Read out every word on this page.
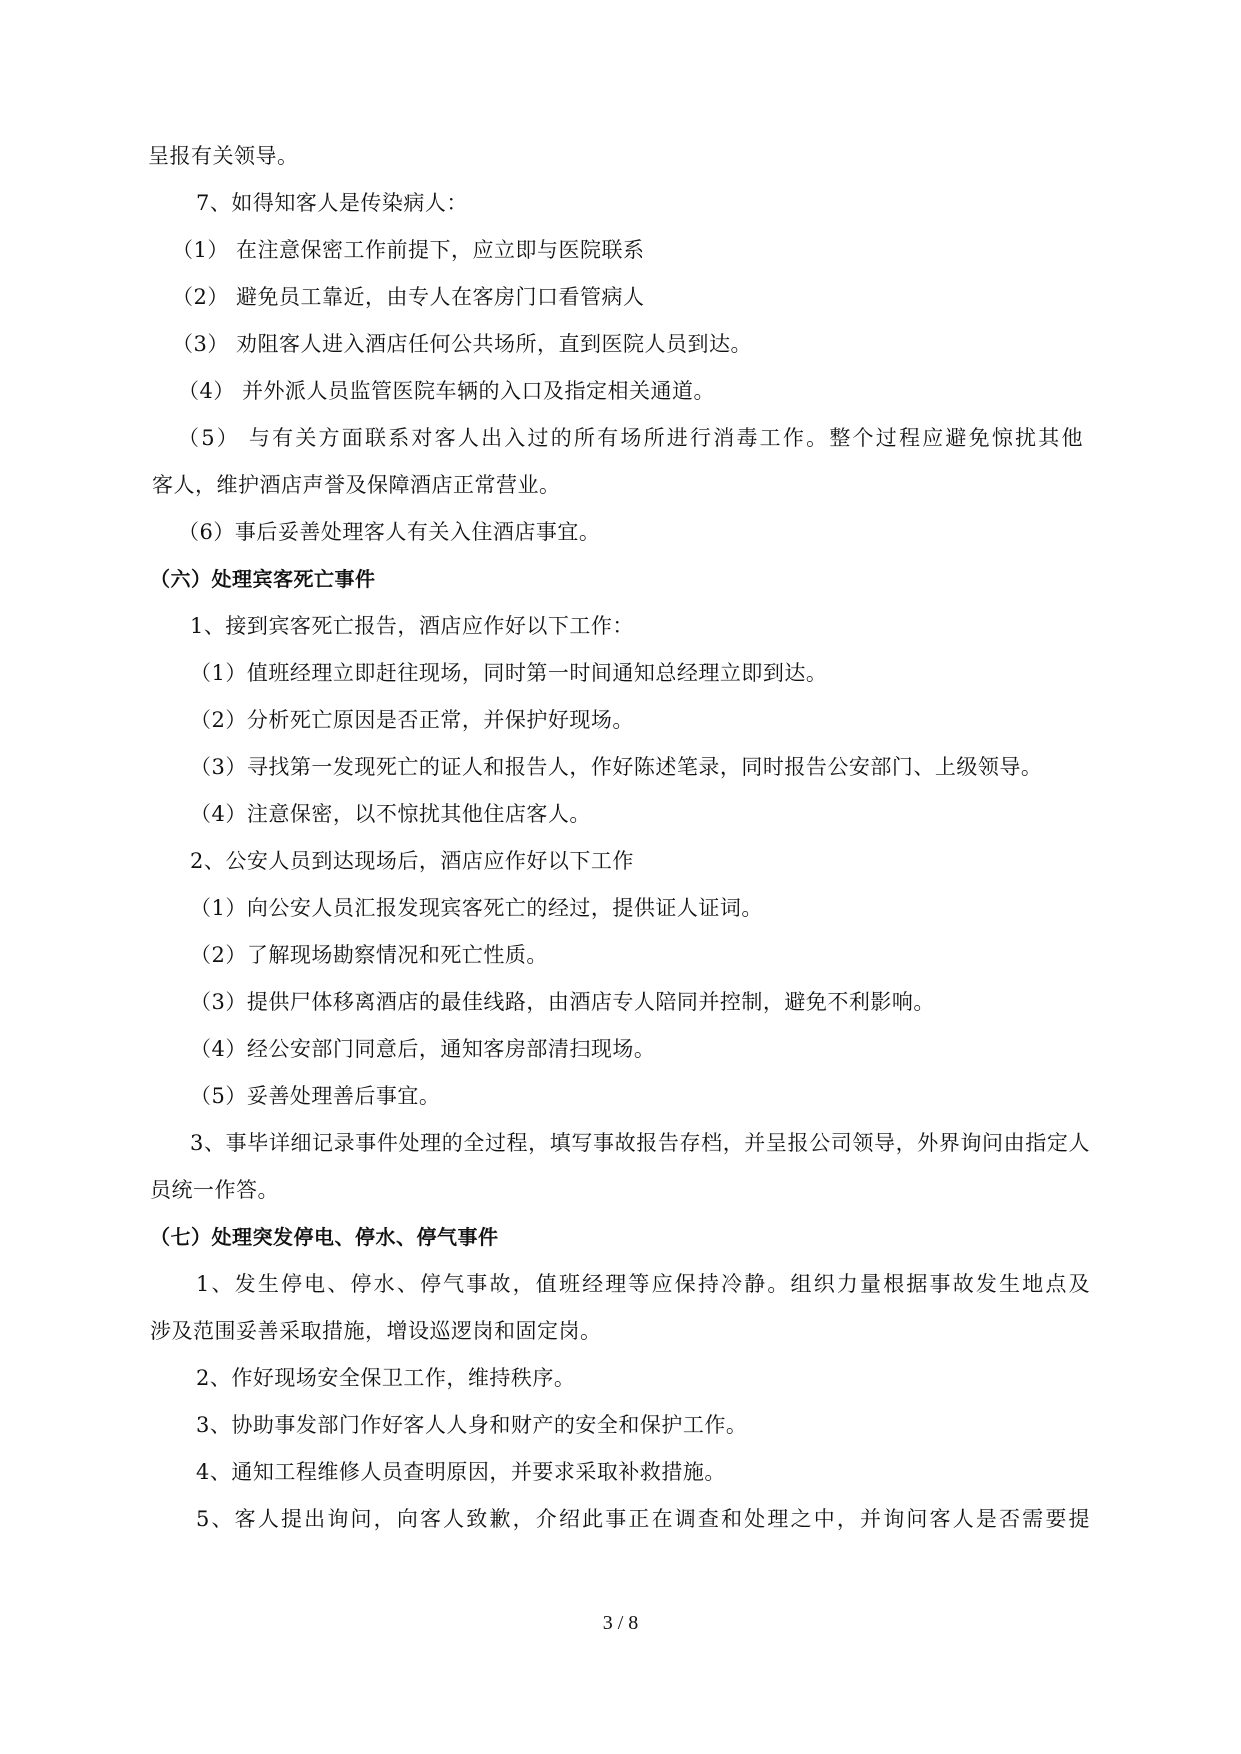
呈报有关领导。
7、如得知客人是传染病人：
（1） 在注意保密工作前提下，应立即与医院联系
（2） 避免员工靠近，由专人在客房门口看管病人
（3） 劝阻客人进入酒店任何公共场所，直到医院人员到达。
（4） 并外派人员监管医院车辆的入口及指定相关通道。
（5） 与有关方面联系对客人出入过的所有场所进行消毒工作。整个过程应避免惊扰其他
客人，维护酒店声誉及保障酒店正常营业。
（6）事后妥善处理客人有关入住酒店事宜。
（六）处理宾客死亡事件
1、接到宾客死亡报告，酒店应作好以下工作：
（1）值班经理立即赶往现场，同时第一时间通知总经理立即到达。
（2）分析死亡原因是否正常，并保护好现场。
（3）寻找第一发现死亡的证人和报告人，作好陈述笔录，同时报告公安部门、上级领导。
（4）注意保密，以不惊扰其他住店客人。
2、公安人员到达现场后，酒店应作好以下工作
（1）向公安人员汇报发现宾客死亡的经过，提供证人证词。
（2）了解现场勘察情况和死亡性质。
（3）提供尸体移离酒店的最佳线路，由酒店专人陪同并控制，避免不利影响。
（4）经公安部门同意后，通知客房部清扫现场。
（5）妥善处理善后事宜。
3、事毕详细记录事件处理的全过程，填写事故报告存档，并呈报公司领导，外界询问由指定人
员统一作答。
（七）处理突发停电、停水、停气事件
1、发生停电、停水、停气事故，值班经理等应保持冷静。组织力量根据事故发生地点及
涉及范围妥善采取措施，增设巡逻岗和固定岗。
2、作好现场安全保卫工作，维持秩序。
3、协助事发部门作好客人人身和财产的安全和保护工作。
4、通知工程维修人员查明原因，并要求采取补救措施。
5、客人提出询问，向客人致歉，介绍此事正在调查和处理之中，并询问客人是否需要提
3 / 8
